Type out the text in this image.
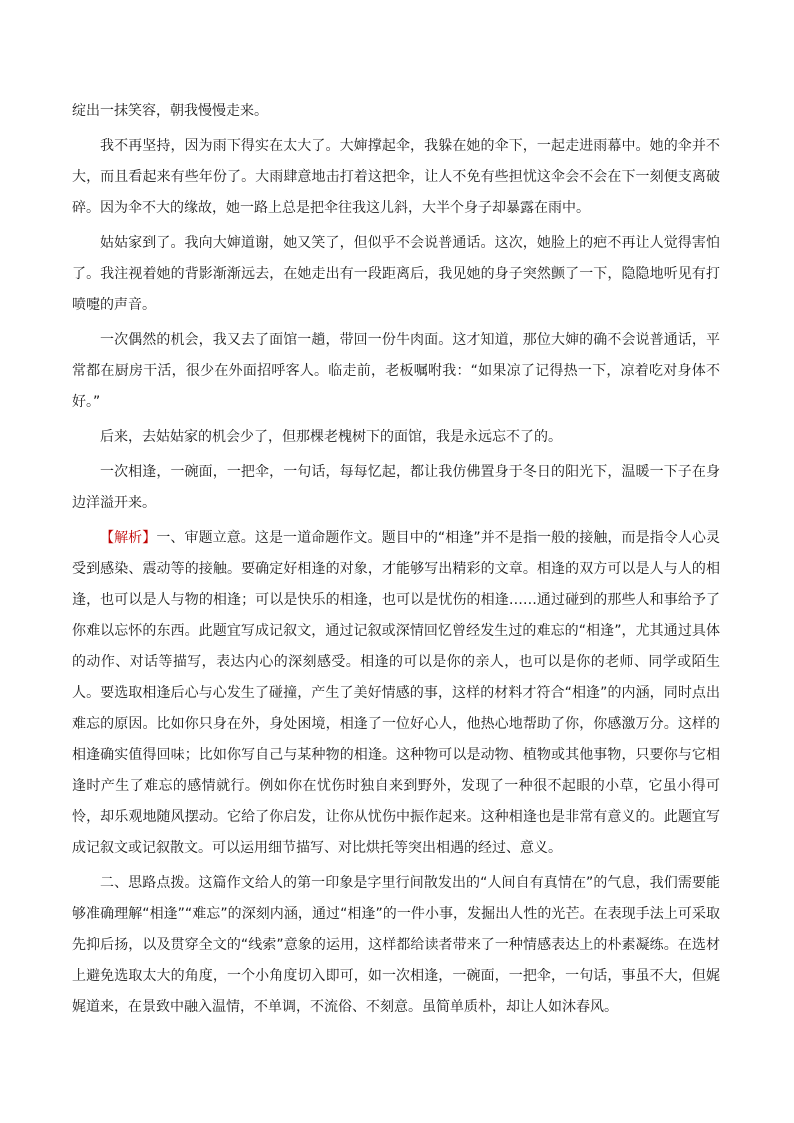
绽出一抹笑容，朝我慢慢走来。

我不再坚持，因为雨下得实在太大了。大婶撑起伞，我躲在她的伞下，一起走进雨幕中。她的伞并不大，而且看起来有些年份了。大雨肆意地击打着这把伞，让人不免有些担忧这伞会不会在下一刻便支离破碎。因为伞不大的缘故，她一路上总是把伞往我这儿斜，大半个身子却暴露在雨中。

姑姑家到了。我向大婶道谢，她又笑了，但似乎不会说普通话。这次，她脸上的疤不再让人觉得害怕了。我注视着她的背影渐渐远去，在她走出有一段距离后，我见她的身子突然颤了一下，隐隐地听见有打喷嚏的声音。

一次偶然的机会，我又去了面馆一趟，带回一份牛肉面。这才知道，那位大婶的确不会说普通话，平常都在厨房干活，很少在外面招呼客人。临走前，老板嘱咐我：“如果凉了记得热一下，凉着吃对身体不好。”

后来，去姑姑家的机会少了，但那棵老槐树下的面馆，我是永远忘不了的。

一次相逢，一碗面，一把伞，一句话，每每忆起，都让我仿佛置身于冬日的阳光下，温暖一下子在身边洋溢开来。

【解析】一、审题立意。这是一道命题作文。题目中的“相逢”并不是指一般的接触，而是指令人心灵受到感染、震动等的接触。要确定好相逢的对象，才能够写出精彩的文章。相逢的双方可以是人与人的相逢，也可以是人与物的相逢；可以是快乐的相逢，也可以是忧伤的相逢……通过碰到的那些人和事给予了你难以忘怀的东西。此题宜写成记叙文，通过记叙或深情回忆曾经发生过的难忘的“相逢”，尤其通过具体的动作、对话等描写，表达内心的深刻感受。相逢的可以是你的亲人，也可以是你的老师、同学或陌生人。要选取相逢后心与心发生了碰撞，产生了美好情感的事，这样的材料才符合“相逢”的内涵，同时点出难忘的原因。比如你只身在外，身处困境，相逢了一位好心人，他热心地帮助了你，你感激万分。这样的相逢确实值得回味；比如你写自己与某种物的相逢。这种物可以是动物、植物或其他事物，只要你与它相逢时产生了难忘的感情就行。例如你在忧伤时独自来到野外，发现了一种很不起眼的小草，它虽小得可怜，却乐观地随风摆动。它给了你启发，让你从忧伤中振作起来。这种相逢也是非常有意义的。此题宜写成记叙文或记叙散文。可以运用细节描写、对比烘托等突出相遇的经过、意义。

二、思路点拨。这篇作文给人的第一印象是字里行间散发出的“人间自有真情在”的气息，我们需要能够准确理解“相逢”“难忘”的深刻内涵，通过“相逢”的一件小事，发掘出人性的光芒。在表现手法上可采取先抑后扬，以及贯穿全文的“线索”意象的运用，这样都给读者带来了一种情感表达上的朴素凝练。在选材上避免选取太大的角度，一个小角度切入即可，如一次相逢，一碗面，一把伞，一句话，事虽不大，但娓娓道来，在景致中融入温情，不单调，不流俗、不刻意。虽简单质朴，却让人如沐春风。
